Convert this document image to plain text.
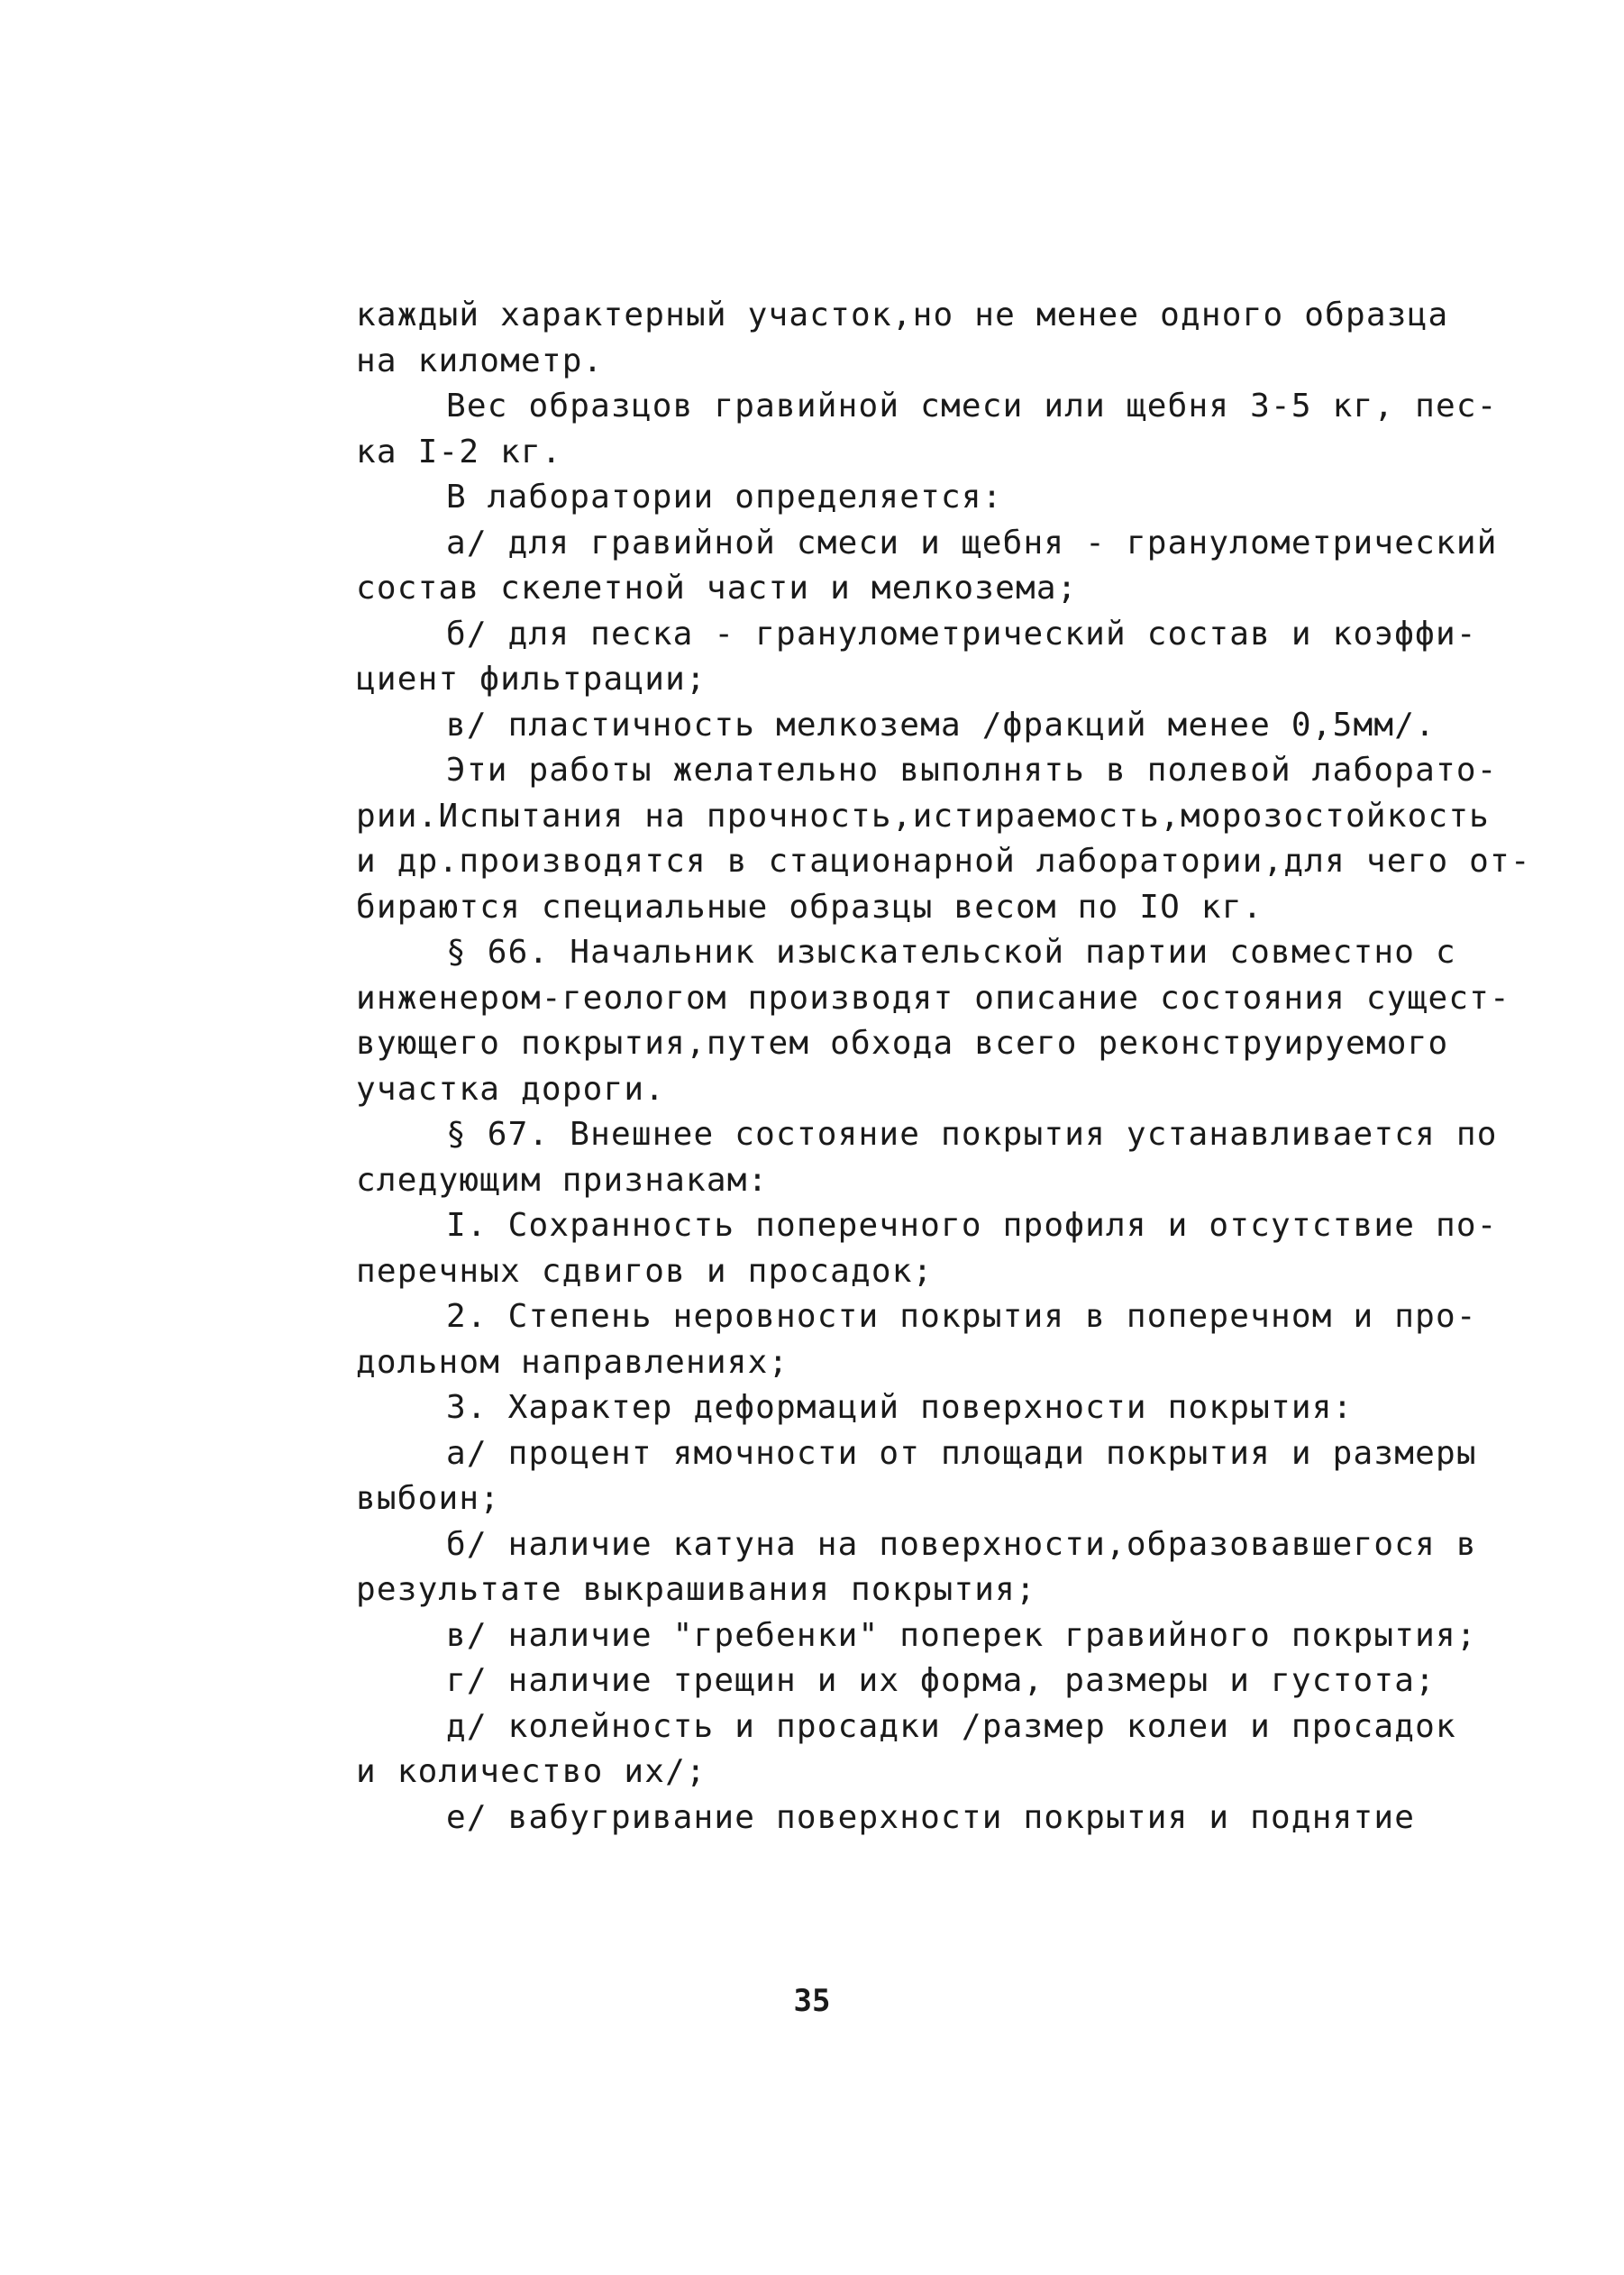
каждый характерный участок,но не менее одного образца
на километр.
Вес образцов гравийной смеси или щебня 3-5 кг, пес-
ка I-2 кг.
В лаборатории определяется:
а/ для гравийной смеси и щебня - гранулометрический
состав скелетной части и мелкозема;
б/ для песка - гранулометрический состав и коэффи-
циент фильтрации;
в/ пластичность мелкозема /фракций менее 0,5мм/.
Эти работы желательно выполнять в полевой лаборато-
рии.Испытания на прочность,истираемость,морозостойкость
и др.производятся в стационарной лаборатории,для чего от-
бираются специальные образцы весом по IO кг.
§ 66. Начальник изыскательской партии совместно с
инженером-геологом производят описание состояния сущест-
вующего покрытия,путем обхода всего реконструируемого
участка дороги.
§ 67. Внешнее состояние покрытия устанавливается по
следующим признакам:
I. Сохранность поперечного профиля и отсутствие по-
перечных сдвигов и просадок;
2. Степень неровности покрытия в поперечном и про-
дольном направлениях;
3. Характер деформаций поверхности покрытия:
а/ процент ямочности от площади покрытия и размеры
выбоин;
б/ наличие катуна на поверхности,образовавшегося в
результате выкрашивания покрытия;
в/ наличие "гребенки" поперек гравийного покрытия;
г/ наличие трещин и их форма, размеры и густота;
д/ колейность и просадки /размер колеи и просадок
и количество их/;
е/ вабугривание поверхности покрытия и поднятие
35
